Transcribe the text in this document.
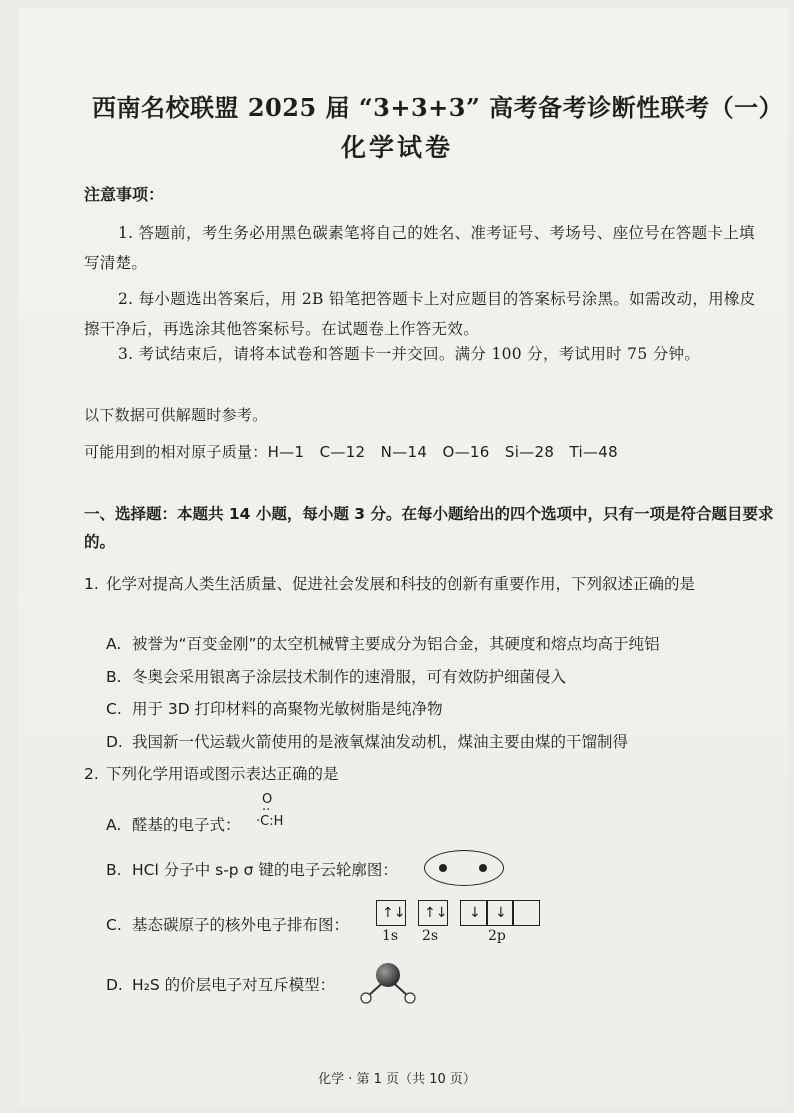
西南名校联盟 2025 届 “3+3+3” 高考备考诊断性联考（一）
化学试卷
注意事项：
1. 答题前，考生务必用黑色碳素笔将自己的姓名、准考证号、考场号、座位号在答题卡上填写清楚。
2. 每小题选出答案后，用 2B 铅笔把答题卡上对应题目的答案标号涂黑。如需改动，用橡皮擦干净后，再选涂其他答案标号。在试题卷上作答无效。
3. 考试结束后，请将本试卷和答题卡一并交回。满分 100 分，考试用时 75 分钟。
以下数据可供解题时参考。
可能用到的相对原子质量：H—1　C—12　N—14　O—16　Si—28　Ti—48
一、选择题：本题共 14 小题，每小题 3 分。在每小题给出的四个选项中，只有一项是符合题目要求的。
1. 化学对提高人类生活质量、促进社会发展和科技的创新有重要作用，下列叙述正确的是
A. 被誉为“百变金刚”的太空机械臂主要成分为铝合金，其硬度和熔点均高于纯铝
B. 冬奥会采用银离子涂层技术制作的速滑服，可有效防护细菌侵入
C. 用于 3D 打印材料的高聚物光敏树脂是纯净物
D. 我国新一代运载火箭使用的是液氧煤油发动机，煤油主要由煤的干馏制得
2. 下列化学用语或图示表达正确的是
A. 醛基的电子式：
O
··
·C:H
B. HCl 分子中 s-p σ 键的电子云轮廓图：
C. 基态碳原子的核外电子排布图：
↑↓ ↑↓ ↓ ↓
1s 2s	2p
D. H₂S 的价层电子对互斥模型：
化学 · 第 1 页（共 10 页）
